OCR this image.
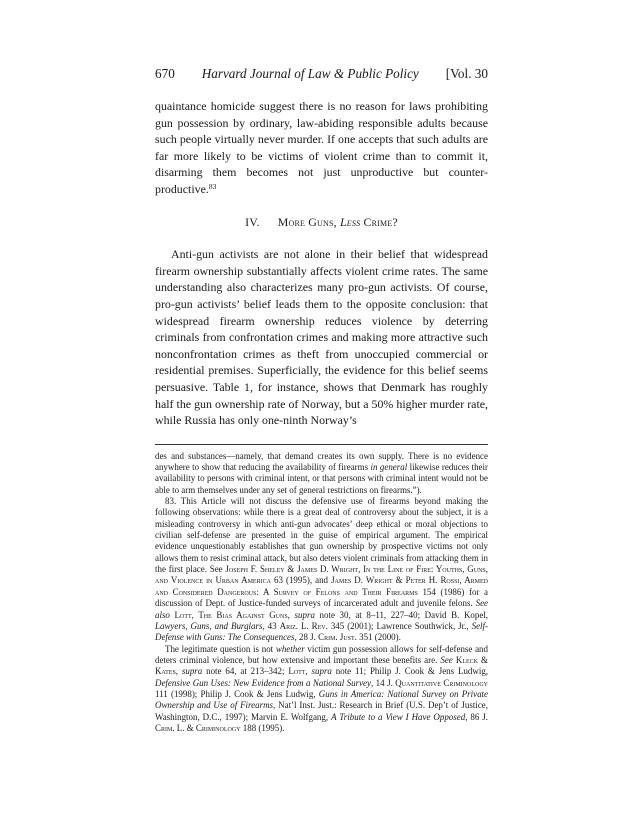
670 Harvard Journal of Law & Public Policy [Vol. 30

quaintance homicide suggest there is no reason for laws prohibiting gun possession by ordinary, law-abiding responsible adults because such people virtually never murder. If one accepts that such adults are far more likely to be victims of violent crime than to commit it, disarming them becomes not just unproductive but counter-productive.$^{83}$

IV. More Guns, Less Crime?

Anti-gun activists are not alone in their belief that widespread firearm ownership substantially affects violent crime rates. The same understanding also characterizes many pro-gun activists. Of course, pro-gun activists’ belief leads them to the opposite conclusion: that widespread firearm ownership reduces violence by deterring criminals from confrontation crimes and making more attractive such nonconfrontation crimes as theft from unoccupied commercial or residential premises. Superficially, the evidence for this belief seems persuasive. Table 1, for instance, shows that Denmark has roughly half the gun ownership rate of Norway, but a 50% higher murder rate, while Russia has only one-ninth Norway’s

des and substances—namely, that demand creates its own supply. There is no evidence anywhere to show that reducing the availability of firearms in general likewise reduces their availability to persons with criminal intent, or that persons with criminal intent would not be able to arm themselves under any set of general restrictions on firearms.”).

83. This Article will not discuss the defensive use of firearms beyond making the following observations: while there is a great deal of controversy about the subject, it is a misleading controversy in which anti-gun advocates’ deep ethical or moral objections to civilian self-defense are presented in the guise of empirical argument. The empirical evidence unquestionably establishes that gun ownership by prospective victims not only allows them to resist criminal attack, but also deters violent criminals from attacking them in the first place. See Joseph F. Sheley & James D. Wright, In the Line of Fire: Youths, Guns, and Violence in Urban America 63 (1995), and James D. Wright & Peter H. Rossi, Armed and Considered Dangerous: A Survey of Felons and Their Firearms 154 (1986) for a discussion of Dept. of Justice-funded surveys of incarcerated adult and juvenile felons. See also Lott, The Bias Against Guns, supra note 30, at 8–11, 227–40; David B. Kopel, Lawyers, Guns, and Burglars, 43 Ariz. L. Rev. 345 (2001); Lawrence Southwick, Jr., Self-Defense with Guns: The Consequences, 28 J. Crim. Just. 351 (2000).

The legitimate question is not whether victim gun possession allows for self-defense and deters criminal violence, but how extensive and important these benefits are. See Kleck & Kates, supra note 64, at 213–342; Lott, supra note 11; Philip J. Cook & Jens Ludwig, Defensive Gun Uses: New Evidence from a National Survey, 14 J. Quantitative Criminology 111 (1998); Philip J. Cook & Jens Ludwig, Guns in America: National Survey on Private Ownership and Use of Firearms, Nat’l Inst. Just.: Research in Brief (U.S. Dep’t of Justice, Washington, D.C., 1997); Marvin E. Wolfgang, A Tribute to a View I Have Opposed, 86 J. Crim. L. & Criminology 188 (1995).
